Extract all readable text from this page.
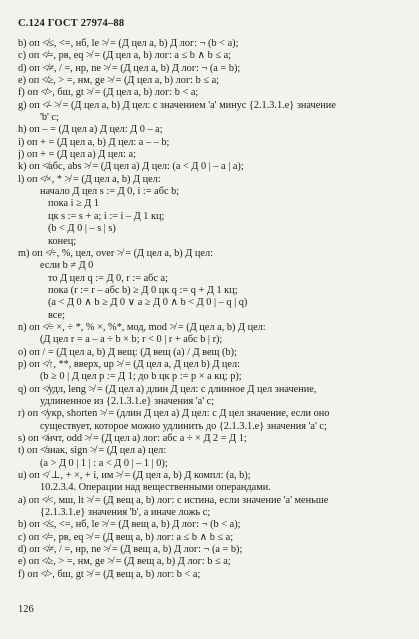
С.124 ГОСТ 27974–88
b) оп ≮≤, <=, нб, lе ≯ = (Д цел а, b) Д лог: ¬ (b < а);
c) оп ≮=, рв, еq ≯ = (Д цел а, b) лог: а ≤ b ∧ b ≤ а;
d) оп ≮≠, / =, нр, nе ≯ = (Д цел а, b) Д лог: ¬ (а = b);
e) оп ≮≥, > =, нм, gе ≯ = (Д цел а, b) лог: b ≤ а;
f) оп ≮>, бш, gt ≯ = (Д цел а, b) лог: b < а;
g) оп ≮- ≯ = (Д цел а, b) Д цел: с значением 'а' минус {2.1.3.1.е} значение
'b' с;
h) оп – = (Д цел а) Д цел: Д 0 – а;
i) оп + = (Д цел а, b) Д цел: а – – b;
j) оп + = (Д цел а) Д цел: а;
k) оп ≮абс, аbs ≯ = (Д цел а) Д цел: (а < Д 0 | – а | а);
l) оп ≮×, * ≯ = (Д цел а, b) Д цел:
начало Д цел s := Д 0, i := абс b;
пока i ≥ Д 1
цк s := s + а; i := i – Д 1 кц;
(b < Д 0 | – s | s)
конец;
m) оп ≮÷, %, цел, оvеr ≯ = (Д цел а, b) Д цел:
если b ≠ Д 0
то Д цел q := Д 0, r := абс а;
пока (r := r – абс b) ≥ Д 0 цк q := q + Д 1 кц;
(а < Д 0 ∧ b ≥ Д 0 ∨ а ≥ Д 0 ∧ b < Д 0 | – q | q)
все;
n) оп ≮÷ ×, ÷ *, % ×, %*, мод, mоd ≯ = (Д цел а, b) Д цел:
(Д цел r = а – а ÷ b × b; r < 0 | r + абс b | r);
o) оп / = (Д цел а, b) Д вещ: (Д вещ (а) / Д вещ (b);
p) оп ≮↑, **, вверх, up ≯ = (Д цел а, Д цел b) Д цел:
(b ≥ 0 | Д цел p := Д 1; до b цк p := p × а кц; p);
q) оп ≮удл, lеng ≯ = (Д цел а) длин Д цел: с длинное Д цел значение,
удлиненное из {2.1.3.1.е} значения 'а' с;
r) оп ≮укр, shоrtеn ≯ = (длин Д цел а) Д цел: с Д цел значение, если оно
существует, которое можно удлинить до {2.1.3.1.е} значения 'а' с;
s) оп ≮нчт, оdd ≯ = (Д цел а) лог: абс а ÷ × Д 2 = Д 1;
t) оп ≮знак, sign ≯ = (Д цел а) цел:
(а > Д 0 | 1 | : а < Д 0 | – 1 | 0);
u) оп ≮ ⊥, + ×, + i, им ≯ = (Д цел а, b) Д компл: (а, b);
10.2.3.4. Операции над вещественными операндами.
a) оп ≮<, мш, lt ≯ = (Д вещ а, b) лог: с истина, если значение 'а' меньше
{2.1.3.1.е} значения 'b', а иначе ложь с;
b) оп ≮≤, <=, нб, lе ≯ = (Д вещ а, b) Д лог: ¬ (b < а);
c) оп ≮=, рв, еq ≯ = (Д вещ а, b) лог: а ≤ b ∧ b ≤ а;
d) оп ≮≠, / =, нр, nе ≯ = (Д вещ а, b) Д лог: ¬ (а = b);
e) оп ≮≥, > =, нм, gе ≯ = (Д вещ а, b) Д лог: b ≤ а;
f) оп ≮>, бш, gt ≯ = (Д вещ а, b) лог: b < а;
126
